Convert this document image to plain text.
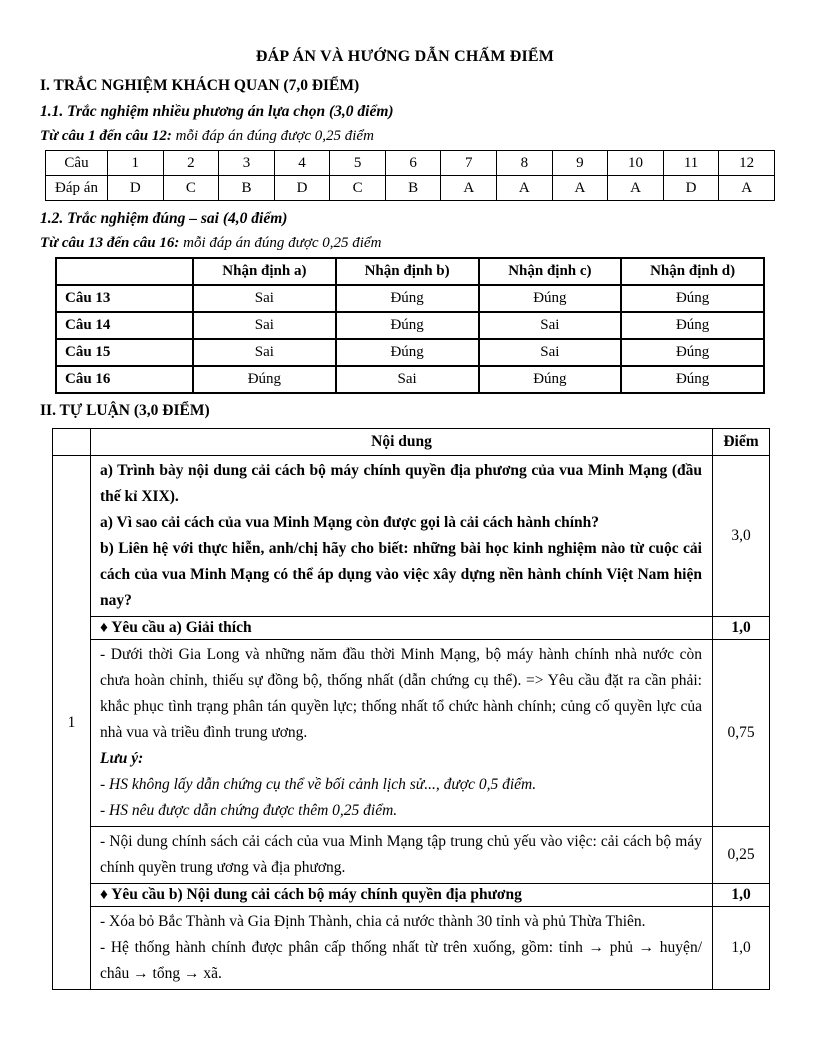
ĐÁP ÁN VÀ HƯỚNG DẪN CHẤM ĐIỂM
I. TRẮC NGHIỆM KHÁCH QUAN (7,0 ĐIỂM)
1.1. Trắc nghiệm nhiều phương án lựa chọn (3,0 điểm)
Từ câu 1 đến câu 12: mỗi đáp án đúng được 0,25 điểm
Câu	1	2	3	4	5	6	7	8	9	10	11	12
Đáp án	D	C	B	D	C	B	A	A	A	A	D	A
1.2. Trắc nghiệm đúng – sai (4,0 điểm)
Từ câu 13 đến câu 16: mỗi đáp án đúng được 0,25 điểm
	Nhận định a)	Nhận định b)	Nhận định c)	Nhận định d)
Câu 13	Sai	Đúng	Đúng	Đúng
Câu 14	Sai	Đúng	Sai	Đúng
Câu 15	Sai	Đúng	Sai	Đúng
Câu 16	Đúng	Sai	Đúng	Đúng
II. TỰ LUẬN (3,0 ĐIỂM)
	Nội dung	Điểm
1	a) Trình bày nội dung cải cách bộ máy chính quyền địa phương của vua Minh Mạng (đầu thế kỉ XIX).

a) Vì sao cải cách của vua Minh Mạng còn được gọi là cải cách hành chính?

b) Liên hệ với thực hiễn, anh/chị hãy cho biết: những bài học kinh nghiệm nào từ cuộc cải cách của vua Minh Mạng có thể áp dụng vào việc xây dựng nền hành chính Việt Nam hiện nay?	3,0
	♦ Yêu cầu a) Giải thích	1,0

	- Dưới thời Gia Long và những năm đầu thời Minh Mạng, bộ máy hành chính nhà nước còn chưa hoàn chỉnh, thiếu sự đồng bộ, thống nhất (dẫn chứng cụ thể). => Yêu cầu đặt ra cần phải: khắc phục tình trạng phân tán quyền lực; thống nhất tổ chức hành chính; củng cố quyền lực của nhà vua và triều đình trung ương.

Lưu ý:

- HS không lấy dẫn chứng cụ thể về bối cảnh lịch sử..., được 0,5 điểm.

- HS nêu được dẫn chứng được thêm 0,25 điểm.	0,75

	- Nội dung chính sách cải cách của vua Minh Mạng tập trung chủ yếu vào việc: cải cách bộ máy chính quyền trung ương và địa phương.	0,25
	♦ Yêu cầu b) Nội dung cải cách bộ máy chính quyền địa phương	1,0

	- Xóa bỏ Bắc Thành và Gia Định Thành, chia cả nước thành 30 tỉnh và phủ Thừa Thiên.

- Hệ thống hành chính được phân cấp thống nhất từ trên xuống, gồm: tỉnh → phủ → huyện/ châu → tổng → xã.	1,0
